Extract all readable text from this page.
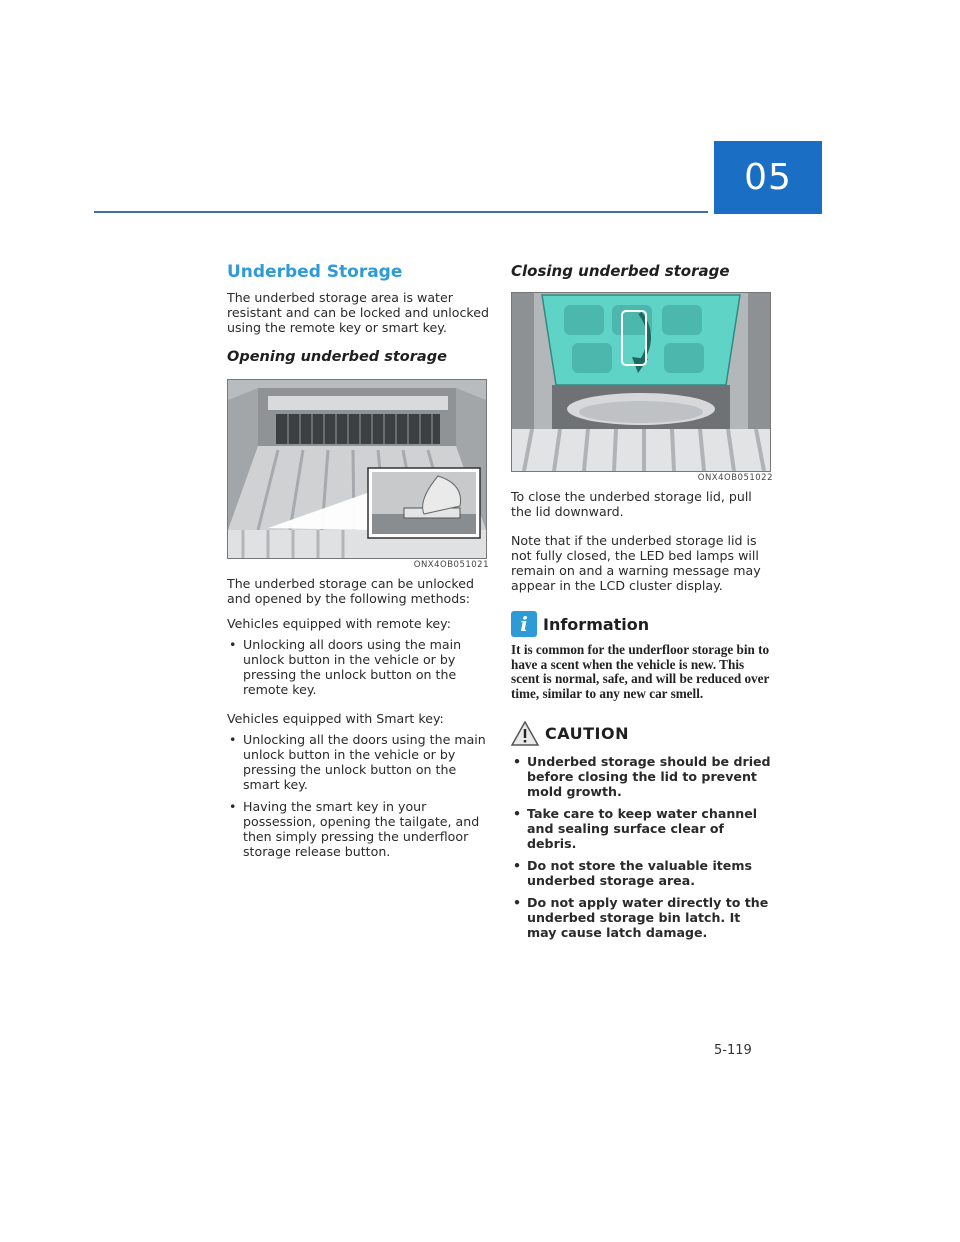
05
Underbed Storage

The underbed storage area is water resistant and can be locked and unlocked using the remote key or smart key.

Opening underbed storage
ONX4OB051021

The underbed storage can be unlocked and opened by the following methods:

Vehicles equipped with remote key:

• Unlocking all doors using the main unlock button in the vehicle or by pressing the unlock button on the remote key.

Vehicles equipped with Smart key:

• Unlocking all the doors using the main unlock button in the vehicle or by pressing the unlock button on the smart key.
• Having the smart key in your possession, opening the tailgate, and then simply pressing the underfloor storage release button.
Closing underbed storage
ONX4OB051022

To close the underbed storage lid, pull the lid downward.

Note that if the underbed storage lid is not fully closed, the LED bed lamps will remain on and a warning message may appear in the LCD cluster display.

i Information

It is common for the underfloor storage bin to have a scent when the vehicle is new. This scent is normal, safe, and will be reduced over time, similar to any new car smell.

CAUTION
• Underbed storage should be dried before closing the lid to prevent mold growth.
• Take care to keep water channel and sealing surface clear of debris.
• Do not store the valuable items underbed storage area.
• Do not apply water directly to the underbed storage bin latch. It may cause latch damage.
5-119
